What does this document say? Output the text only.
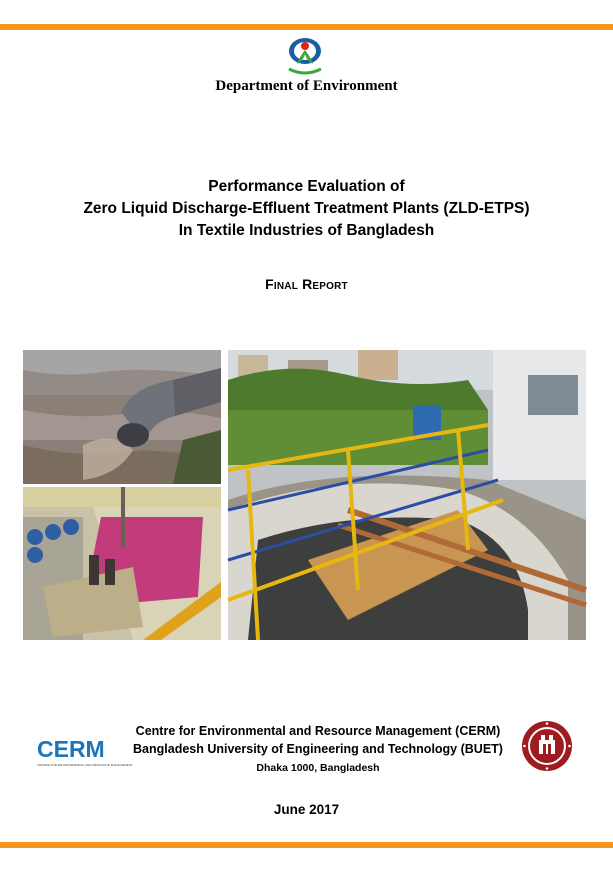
Department of Environment
Performance Evaluation of
Zero Liquid Discharge-Effluent Treatment Plants (ZLD-ETPS)
In Textile Industries of Bangladesh
Final Report
CERM
CENTRE FOR ENVIRONMENTAL AND RESOURCE MANAGEMENT
Centre for Environmental and Resource Management (CERM)
Bangladesh University of Engineering and Technology (BUET)
Dhaka 1000, Bangladesh
June 2017
